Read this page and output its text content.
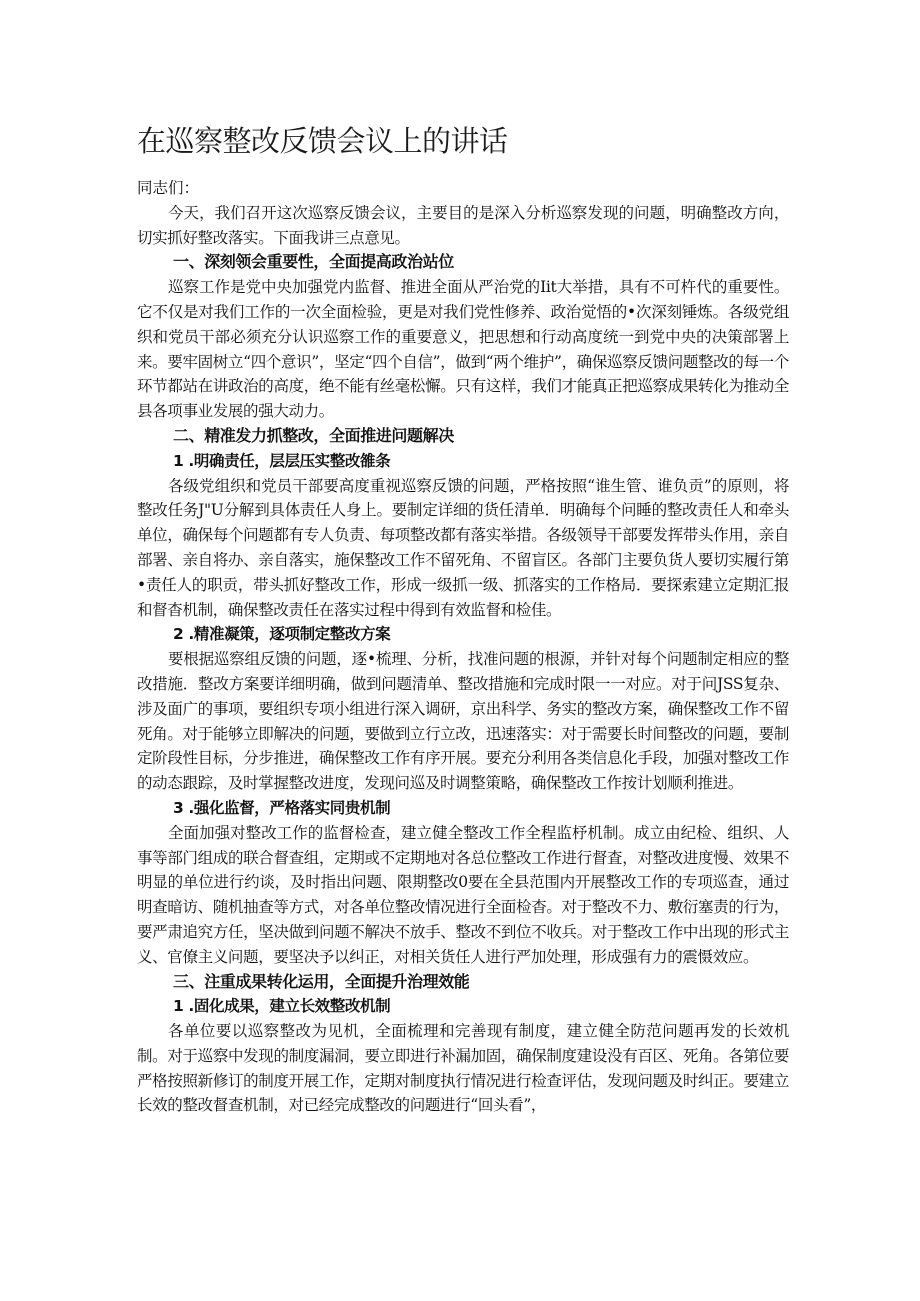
在巡察整改反馈会议上的讲话

同志们：

今天，我们召开这次巡察反馈会议，主要目的是深入分析巡察发现的问题，明确整改方向，切实抓好整改落实。下面我讲三点意见。

一、深刻领会重要性，全面提高政治站位

巡察工作是党中央加强党内监督、推进全面从严治党的Iit大举措，具有不可杵代的重要性。它不仅是对我们工作的一次全面检验，更是对我们党性修养、政治觉悟的•次深刻锤炼。各级党组织和党员干部必须充分认识巡察工作的重要意义，把思想和行动高度统一到党中央的决策部署上来。要牢固树立“四个意识”，坚定“四个自信”，做到“两个维护”，确保巡察反馈问题整改的每一个环节都站在讲政治的高度，绝不能有丝毫松懈。只有这样，我们才能真正把巡察成果转化为推动全县各项事业发展的强大动力。

二、精准发力抓整改，全面推进问题解决

1 .明确责任，层层压实整改雒条

各级党组织和党员干部要高度重视巡察反馈的问题，严格按照“谁生管、谁负贡”的原则，将整改任务J"U分解到具体责任人身上。要制定详细的货任清单．明确每个问睡的整改责任人和牵头单位，确保每个问题都有专人负责、每项整改都有落实举措。各级领导干部要发挥带头作用，亲自部署、亲自将办、亲自落实，施保整改工作不留死角、不留盲区。各部门主要负货人要切实履行第•责任人的职贡，带头抓好整改工作，形成一级抓一级、抓落实的工作格局．要探索建立定期汇报和督杳机制，确保整改责任在落实过程中得到有效监督和检佳。

2 .精准凝策，逐项制定整改方案

要根据巡察组反馈的问题，逐•梳理、分析，找准问题的根源，并针对每个问题制定相应的整改措施．整改方案要详细明确，做到问题清单、整改措施和完成时限一一对应。对于问JSS复杂、涉及面广的事项，要组织专项小组进行深入调研，京出科学、务实的整改方案，确保整改工作不留死角。对于能够立即解决的问题，要做到立行立改，迅速落实：对于需要长时间整改的问题，要制定阶段性目标，分步推进，确保整改工作有序开展。要充分利用各类信息化手段，加强对整改工作的动态跟踪，及时掌握整改进度，发现问巡及时调整策略，确保整改工作按计划顺利推进。

3 .强化监督，严格落实同贵机制

全面加强对整改工作的监督检查，建立健全整改工作全程监杼机制。成立由纪检、组织、人事等部门组成的联合督查组，定期或不定期地对各总位整改工作进行督査，对整改进度慢、效果不明显的单位进行约谈，及时指出问题、限期整改0要在全县范围内开展整改工作的专项巡查，通过明查暗访、随机抽查等方式，对各单位整改情况进行全面检杳。对于整改不力、敷衍塞责的行为，要严肃追究方任，坚决做到问题不解决不放手、整改不到位不收兵。对于整改工作中出现的形式主义、官僚主义问题，要坚决予以纠正，对相关货任人进行严加处理，形成强有力的震慑效应。

三、注重成果转化运用，全面提升治理效能

1 .固化成果，建立长效整改机制

各单位要以巡察整改为见机，全面梳理和完善现有制度，建立健全防范问题再发的长效机制。对于巡察中发现的制度漏洞，要立即进行补漏加固，确保制度建设没有百区、死角。各第位要严格按照新修订的制度开展工作，定期对制度执行情况进行检查评估，发现问题及时纠正。要建立长效的整改督查机制，对已经完成整改的问题进行“回头看”，
